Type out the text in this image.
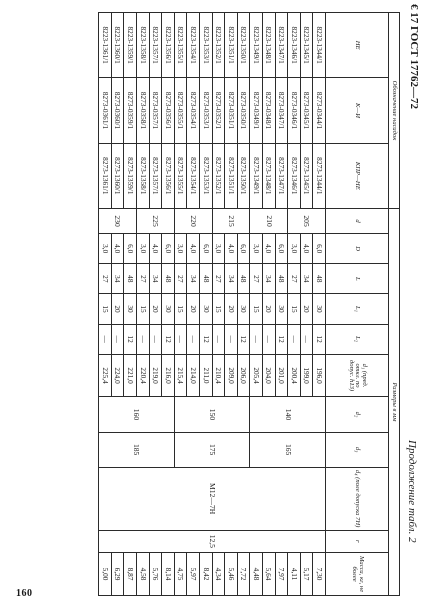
160
€ 17 ГОСТ 17762—72
Продолжение табл. 2
Обозначение насадок			Размеры в мм										
НЕ	К—И	КПР—НЕ	d	D	L	L₁	L₂	d₁ (пред. откл. по допус. h13)	d₂	d₃	d₄ (поле допуска 7H)	r	Масса, кг, не более
8223-1344/1	8273-0344/1	8273-1344/1	205	6,0	48	30	12	196,0	140	165	M12—7H	12,5	7,30
8223-1345/1	8273-0345/1	8273-1345/1		4,0	34	20	—	199,0					5,17
8223-1346/1	8273-0346/1	8273-1346/1		3,0	27	15	—	200,4					4,11
8223-1347/1	8273-0347/1	8273-1347/1	210	6,0	48	30	12	201,0					7,97
8223-1348/1	8273-0348/1	8273-1348/1		4,0	34	20	—	204,0					5,64
8223-1349/1	8273-0349/1	8273-1349/1		3,0	27	15	—	205,4					4,48
8223-1350/1	8273-0350/1	8273-1350/1	215	6,0	48	30	12	206,0	150	175			7,72
8223-1351/1	8273-0351/1	8273-1351/1		4,0	34	20	—	209,0					5,46
8223-1352/1	8273-0352/1	8273-1352/1		3,0	27	15	—	210,4					4,34
8223-1353/1	8273-0353/1	8273-1353/1	220	6,0	48	30	12	211,0					8,42
8223-1354/1	8273-0354/1	8273-1354/1		4,0	34	20	—	214,0					5,97
8223-1355/1	8273-0355/1	8273-1355/1		3,0	27	15	—	215,4					4,75
8223-1356/1	8273-0356/1	8273-1356/1	225	6,0	48	30	12	216,0	160	185			8,14
8223-1357/1	8273-0357/1	8273-1357/1		4,0	34	20	—	219,0					5,76
8223-1358/1	8273-0358/1	8273-1358/1		3,0	27	15	—	220,4					4,58
8223-1359/1	8273-0359/1	8273-1359/1	230	6,0	48	30	12	221,0					8,87
8223-1360/1	8273-0360/1	8273-1360/1		4,0	34	20	—	224,0					6,29
8223-1361/1	8273-0361/1	8273-1361/1		3,0	27	15	—	225,4					5,00
